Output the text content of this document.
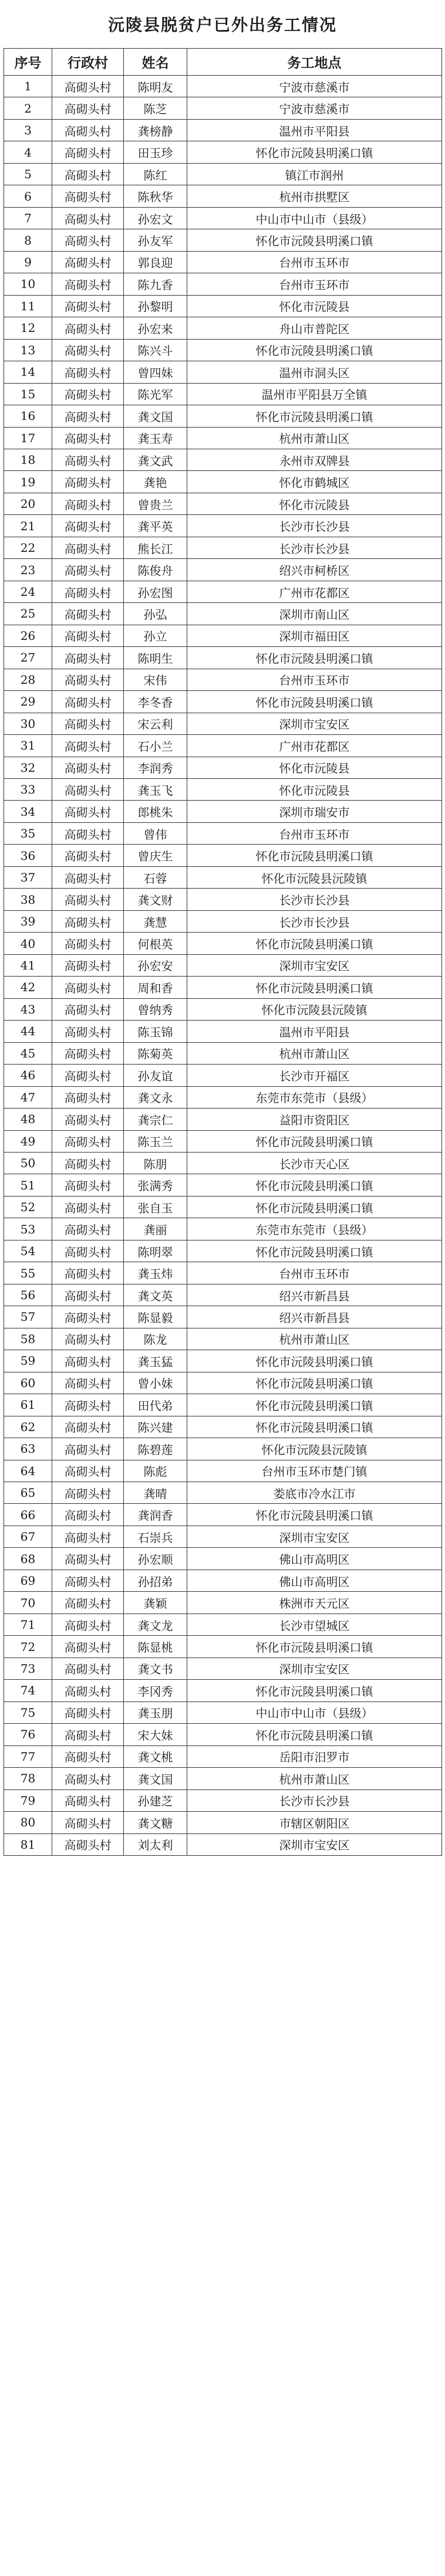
沅陵县脱贫户已外出务工情况
序号	行政村	姓名	务工地点
1	高砌头村	陈明友	宁波市慈溪市
2	高砌头村	陈芝	宁波市慈溪市
3	高砌头村	龚榜静	温州市平阳县
4	高砌头村	田玉珍	怀化市沅陵县明溪口镇
5	高砌头村	陈红	镇江市润州
6	高砌头村	陈秋华	杭州市拱墅区
7	高砌头村	孙宏文	中山市中山市（县级）
8	高砌头村	孙友军	怀化市沅陵县明溪口镇
9	高砌头村	郭良迎	台州市玉环市
10	高砌头村	陈九香	台州市玉环市
11	高砌头村	孙黎明	怀化市沅陵县
12	高砌头村	孙宏来	舟山市普陀区
13	高砌头村	陈兴斗	怀化市沅陵县明溪口镇
14	高砌头村	曾四妹	温州市洞头区
15	高砌头村	陈光军	温州市平阳县万全镇
16	高砌头村	龚文国	怀化市沅陵县明溪口镇
17	高砌头村	龚玉寿	杭州市萧山区
18	高砌头村	龚文武	永州市双牌县
19	高砌头村	龚艳	怀化市鹤城区
20	高砌头村	曾贵兰	怀化市沅陵县
21	高砌头村	龚平英	长沙市长沙县
22	高砌头村	熊长江	长沙市长沙县
23	高砌头村	陈俊舟	绍兴市柯桥区
24	高砌头村	孙宏图	广州市花都区
25	高砌头村	孙弘	深圳市南山区
26	高砌头村	孙立	深圳市福田区
27	高砌头村	陈明生	怀化市沅陵县明溪口镇
28	高砌头村	宋伟	台州市玉环市
29	高砌头村	李冬香	怀化市沅陵县明溪口镇
30	高砌头村	宋云利	深圳市宝安区
31	高砌头村	石小兰	广州市花都区
32	高砌头村	李润秀	怀化市沅陵县
33	高砌头村	龚玉飞	怀化市沅陵县
34	高砌头村	郎桃朱	深圳市瑞安市
35	高砌头村	曾伟	台州市玉环市
36	高砌头村	曾庆生	怀化市沅陵县明溪口镇
37	高砌头村	石蓉	怀化市沅陵县沅陵镇
38	高砌头村	龚文财	长沙市长沙县
39	高砌头村	龚慧	长沙市长沙县
40	高砌头村	何根英	怀化市沅陵县明溪口镇
41	高砌头村	孙宏安	深圳市宝安区
42	高砌头村	周和香	怀化市沅陵县明溪口镇
43	高砌头村	曾纳秀	怀化市沅陵县沅陵镇
44	高砌头村	陈玉锦	温州市平阳县
45	高砌头村	陈菊英	杭州市萧山区
46	高砌头村	孙友谊	长沙市开福区
47	高砌头村	龚文永	东莞市东莞市（县级）
48	高砌头村	龚宗仁	益阳市资阳区
49	高砌头村	陈玉兰	怀化市沅陵县明溪口镇
50	高砌头村	陈朋	长沙市天心区
51	高砌头村	张满秀	怀化市沅陵县明溪口镇
52	高砌头村	张自玉	怀化市沅陵县明溪口镇
53	高砌头村	龚丽	东莞市东莞市（县级）
54	高砌头村	陈明翠	怀化市沅陵县明溪口镇
55	高砌头村	龚玉炜	台州市玉环市
56	高砌头村	龚文英	绍兴市新昌县
57	高砌头村	陈显毅	绍兴市新昌县
58	高砌头村	陈龙	杭州市萧山区
59	高砌头村	龚玉猛	怀化市沅陵县明溪口镇
60	高砌头村	曾小妹	怀化市沅陵县明溪口镇
61	高砌头村	田代弟	怀化市沅陵县明溪口镇
62	高砌头村	陈兴建	怀化市沅陵县明溪口镇
63	高砌头村	陈碧莲	怀化市沅陵县沅陵镇
64	高砌头村	陈彪	台州市玉环市楚门镇
65	高砌头村	龚晴	娄底市冷水江市
66	高砌头村	龚润香	怀化市沅陵县明溪口镇
67	高砌头村	石崇兵	深圳市宝安区
68	高砌头村	孙宏顺	佛山市高明区
69	高砌头村	孙招弟	佛山市高明区
70	高砌头村	龚颖	株洲市天元区
71	高砌头村	龚文龙	长沙市望城区
72	高砌头村	陈显桃	怀化市沅陵县明溪口镇
73	高砌头村	龚文书	深圳市宝安区
74	高砌头村	李冈秀	怀化市沅陵县明溪口镇
75	高砌头村	龚玉朋	中山市中山市（县级）
76	高砌头村	宋大妹	怀化市沅陵县明溪口镇
77	高砌头村	龚文桃	岳阳市汨罗市
78	高砌头村	龚文国	杭州市萧山区
79	高砌头村	孙建芝	长沙市长沙县
80	高砌头村	龚文糖	市辖区朝阳区
81	高砌头村	刘太利	深圳市宝安区
